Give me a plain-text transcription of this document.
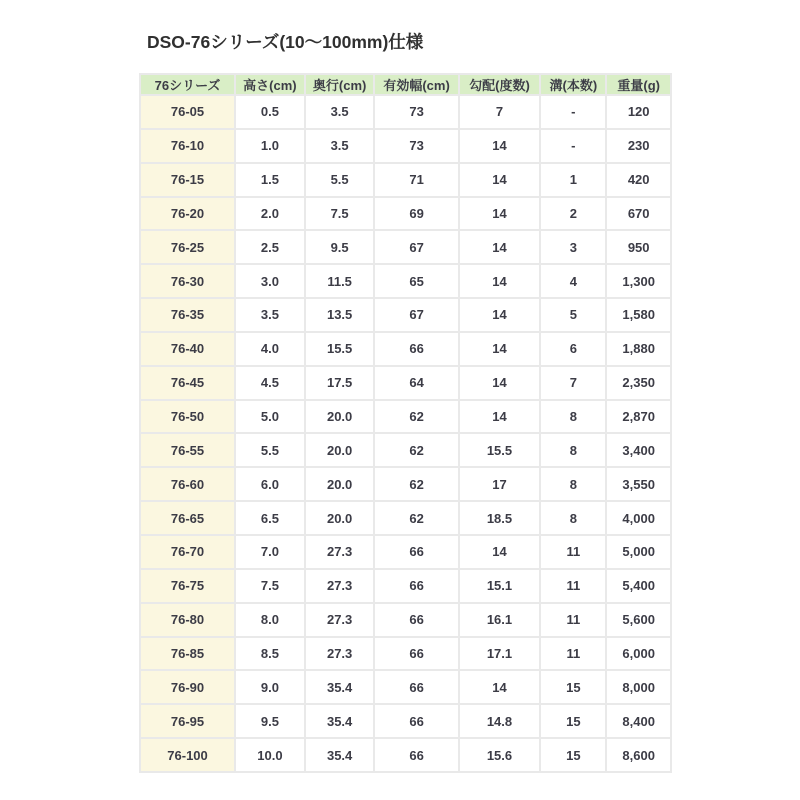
DSO-76シリーズ(10〜100mm)仕様
76シリーズ	高さ(cm)	奥行(cm)	有効幅(cm)	勾配(度数)	溝(本数)	重量(g)
76-05	0.5	3.5	73	7	-	120
76-10	1.0	3.5	73	14	-	230
76-15	1.5	5.5	71	14	1	420
76-20	2.0	7.5	69	14	2	670
76-25	2.5	9.5	67	14	3	950
76-30	3.0	11.5	65	14	4	1,300
76-35	3.5	13.5	67	14	5	1,580
76-40	4.0	15.5	66	14	6	1,880
76-45	4.5	17.5	64	14	7	2,350
76-50	5.0	20.0	62	14	8	2,870
76-55	5.5	20.0	62	15.5	8	3,400
76-60	6.0	20.0	62	17	8	3,550
76-65	6.5	20.0	62	18.5	8	4,000
76-70	7.0	27.3	66	14	11	5,000
76-75	7.5	27.3	66	15.1	11	5,400
76-80	8.0	27.3	66	16.1	11	5,600
76-85	8.5	27.3	66	17.1	11	6,000
76-90	9.0	35.4	66	14	15	8,000
76-95	9.5	35.4	66	14.8	15	8,400
76-100	10.0	35.4	66	15.6	15	8,600
